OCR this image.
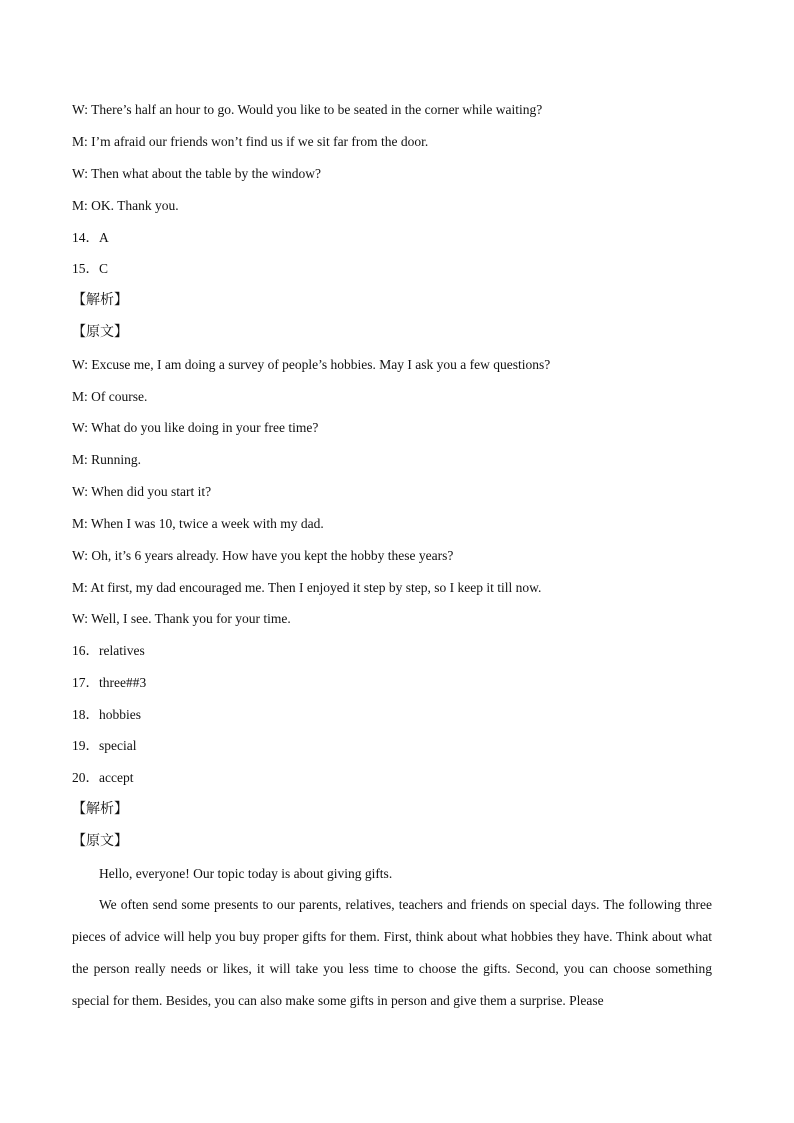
W: There’s half an hour to go. Would you like to be seated in the corner while waiting?
M: I’m afraid our friends won’t find us if we sit far from the door.
W: Then what about the table by the window?
M: OK. Thank you.
14．A
15．C
【解析】
【原文】
W: Excuse me, I am doing a survey of people’s hobbies. May I ask you a few questions?
M: Of course.
W: What do you like doing in your free time?
M: Running.
W: When did you start it?
M: When I was 10, twice a week with my dad.
W: Oh, it’s 6 years already. How have you kept the hobby these years?
M: At first, my dad encouraged me. Then I enjoyed it step by step, so I keep it till now.
W: Well, I see. Thank you for your time.
16．relatives
17．three##3
18．hobbies
19．special
20．accept
【解析】
【原文】
Hello, everyone! Our topic today is about giving gifts.
We often send some presents to our parents, relatives, teachers and friends on special days. The following three pieces of advice will help you buy proper gifts for them. First, think about what hobbies they have. Think about what the person really needs or likes, it will take you less time to choose the gifts. Second, you can choose something special for them. Besides, you can also make some gifts in person and give them a surprise. Please
